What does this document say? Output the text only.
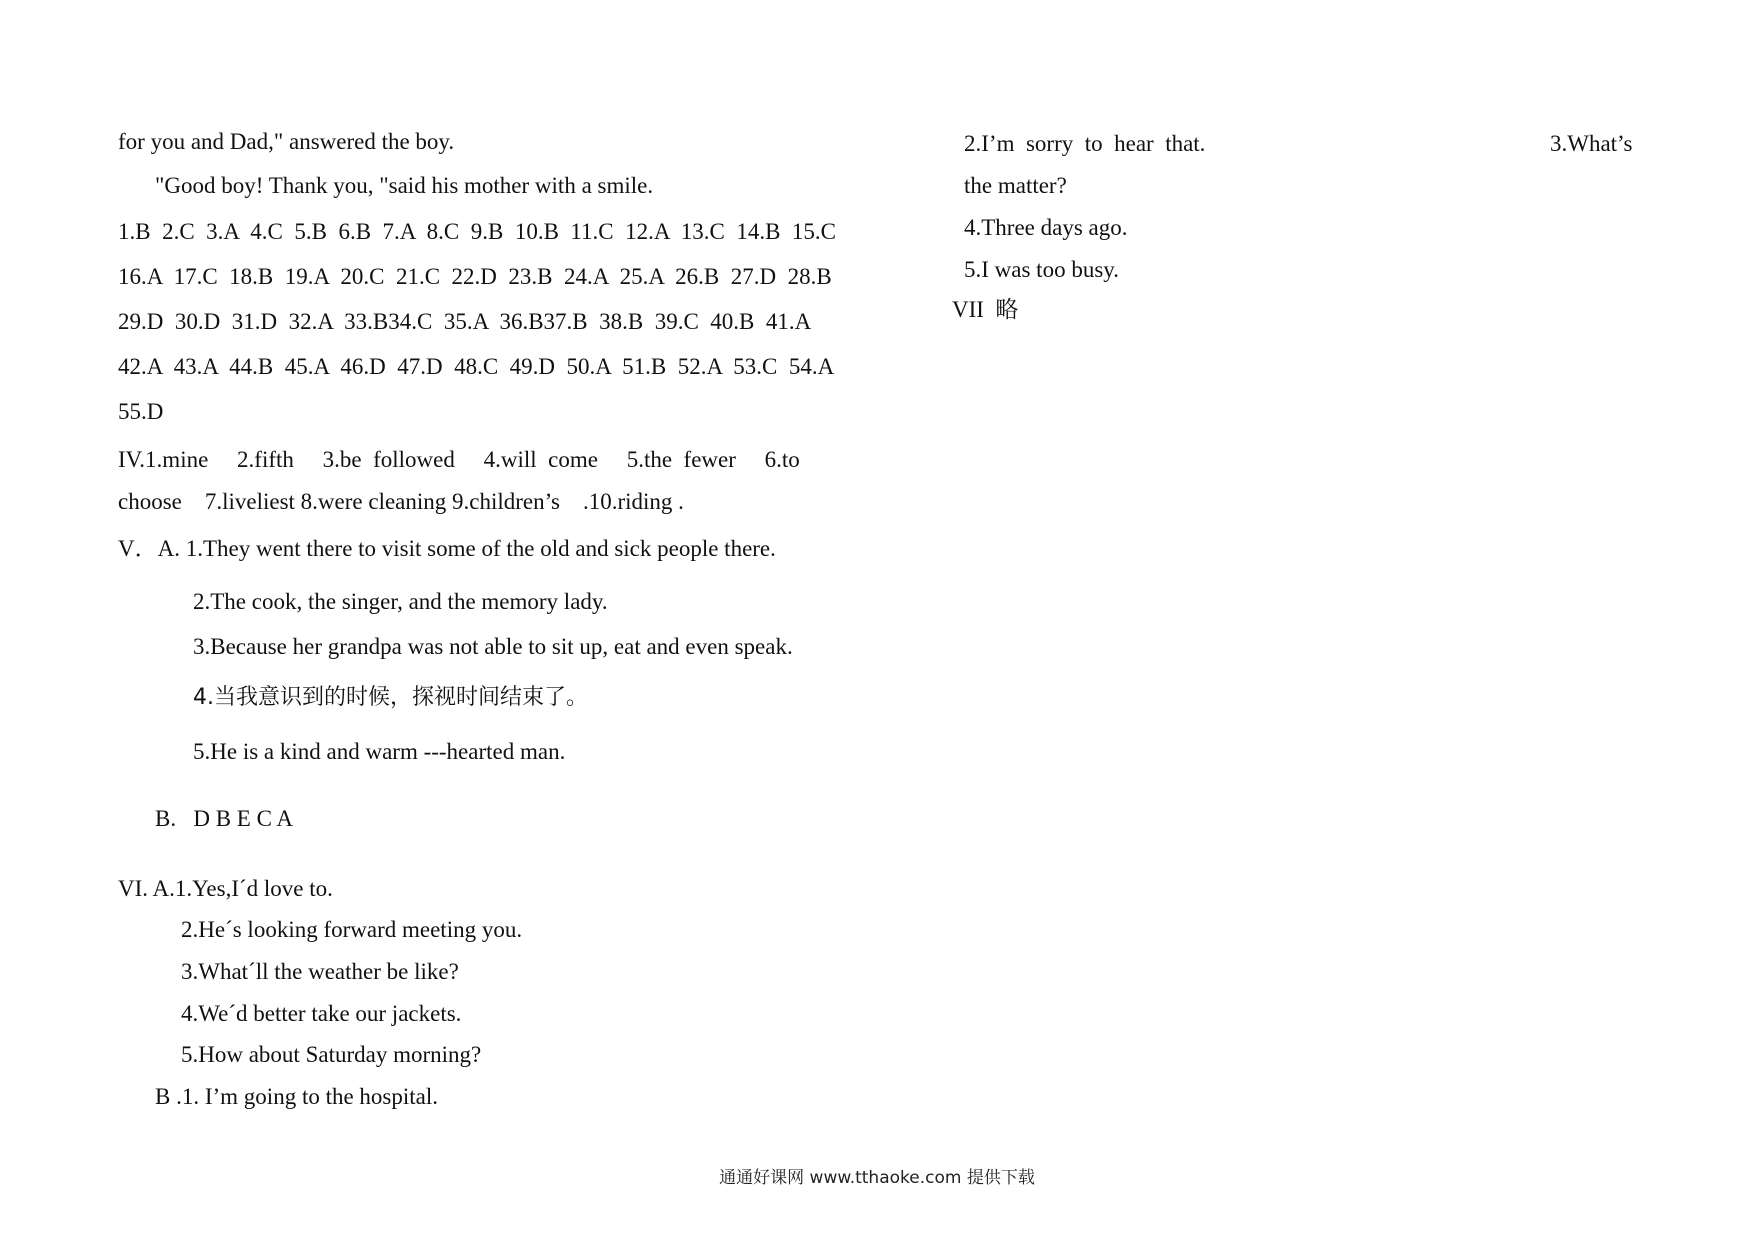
for you and Dad," answered the boy.
"Good boy! Thank you, "said his mother with a smile.
1.B  2.C  3.A  4.C  5.B  6.B  7.A  8.C  9.B  10.B  11.C  12.A  13.C  14.B  15.C
16.A  17.C  18.B  19.A  20.C  21.C  22.D  23.B  24.A  25.A  26.B  27.D  28.B
29.D  30.D  31.D  32.A  33.B34.C  35.A  36.B37.B  38.B  39.C  40.B  41.A
42.A  43.A  44.B  45.A  46.D  47.D  48.C  49.D  50.A  51.B  52.A  53.C  54.A
55.D
IV.1.mine     2.fifth     3.be  followed     4.will  come     5.the  fewer     6.to
choose    7.liveliest 8.were cleaning 9.children’s    .10.riding .
V．A. 1.They went there to visit some of the old and sick people there.
2.The cook, the singer, and the memory lady.
3.Because her grandpa was not able to sit up, eat and even speak.
4.当我意识到的时候，探视时间结束了。
5.He is a kind and warm ---hearted man.
B.   D B E C A
VI. A.1.Yes,I´d love to.
2.He´s looking forward meeting you.
3.What´ll the weather be like?
4.We´d better take our jackets.
5.How about Saturday morning?
B .1. I’m going to the hospital.
2.I’m  sorry  to  hear  that.	3.What’s
the matter?
4.Three days ago.
5.I was too busy.
VII  略
通通好课网 www.tthaoke.com 提供下载
